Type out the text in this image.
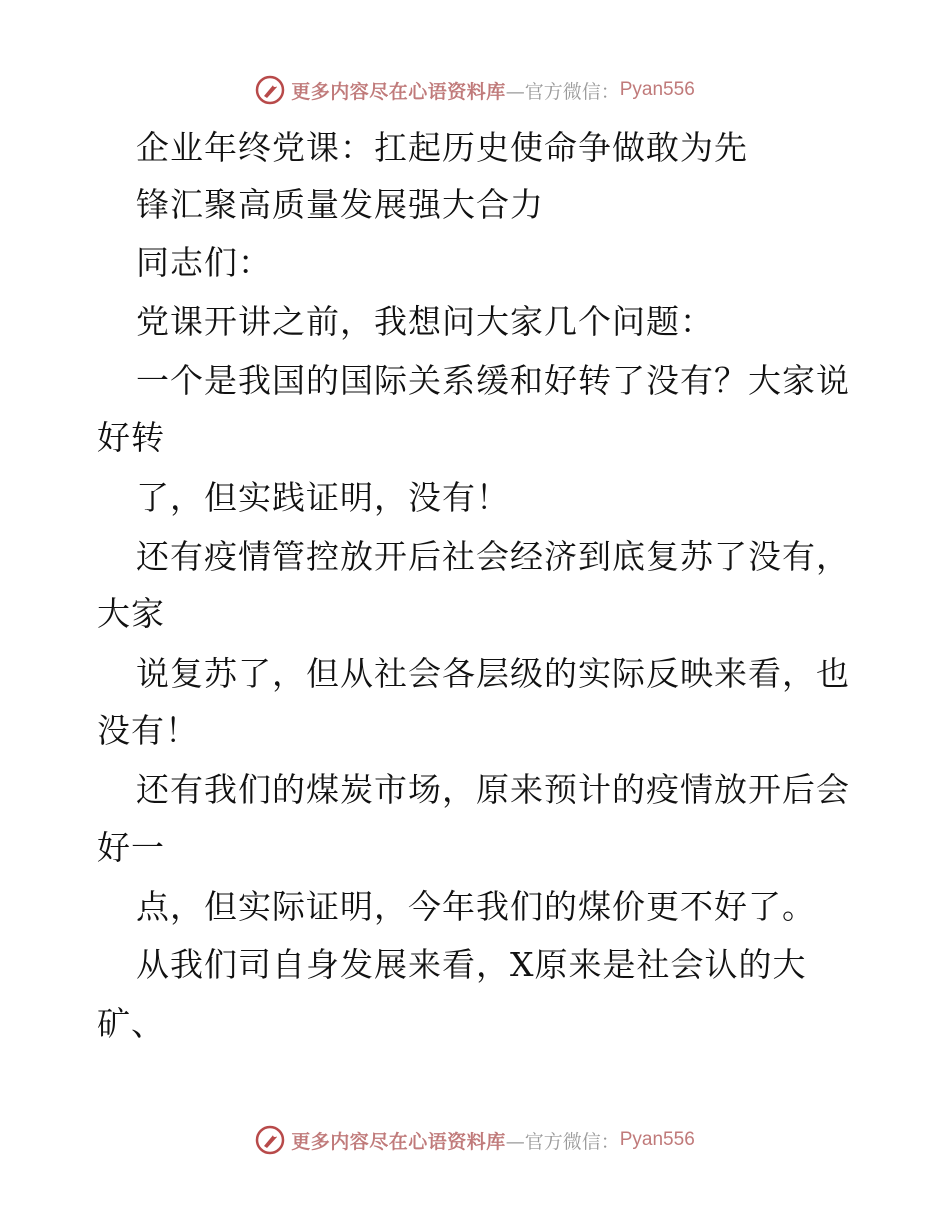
更多内容尽在心语资料库 —官方微信： Pyan556
企业年终党课：扛起历史使命争做敢为先
锋汇聚高质量发展强大合力
同志们：
党课开讲之前，我想问大家几个问题：
一个是我国的国际关系缓和好转了没有？大家说
好转
了，但实践证明，没有！
还有疫情管控放开后社会经济到底复苏了没有，
大家
说复苏了，但从社会各层级的实际反映来看，也
没有！
还有我们的煤炭市场，原来预计的疫情放开后会
好一
点，但实际证明，今年我们的煤价更不好了。
从我们司自身发展来看，X原来是社会认的大
矿、
更多内容尽在心语资料库 —官方微信： Pyan556
